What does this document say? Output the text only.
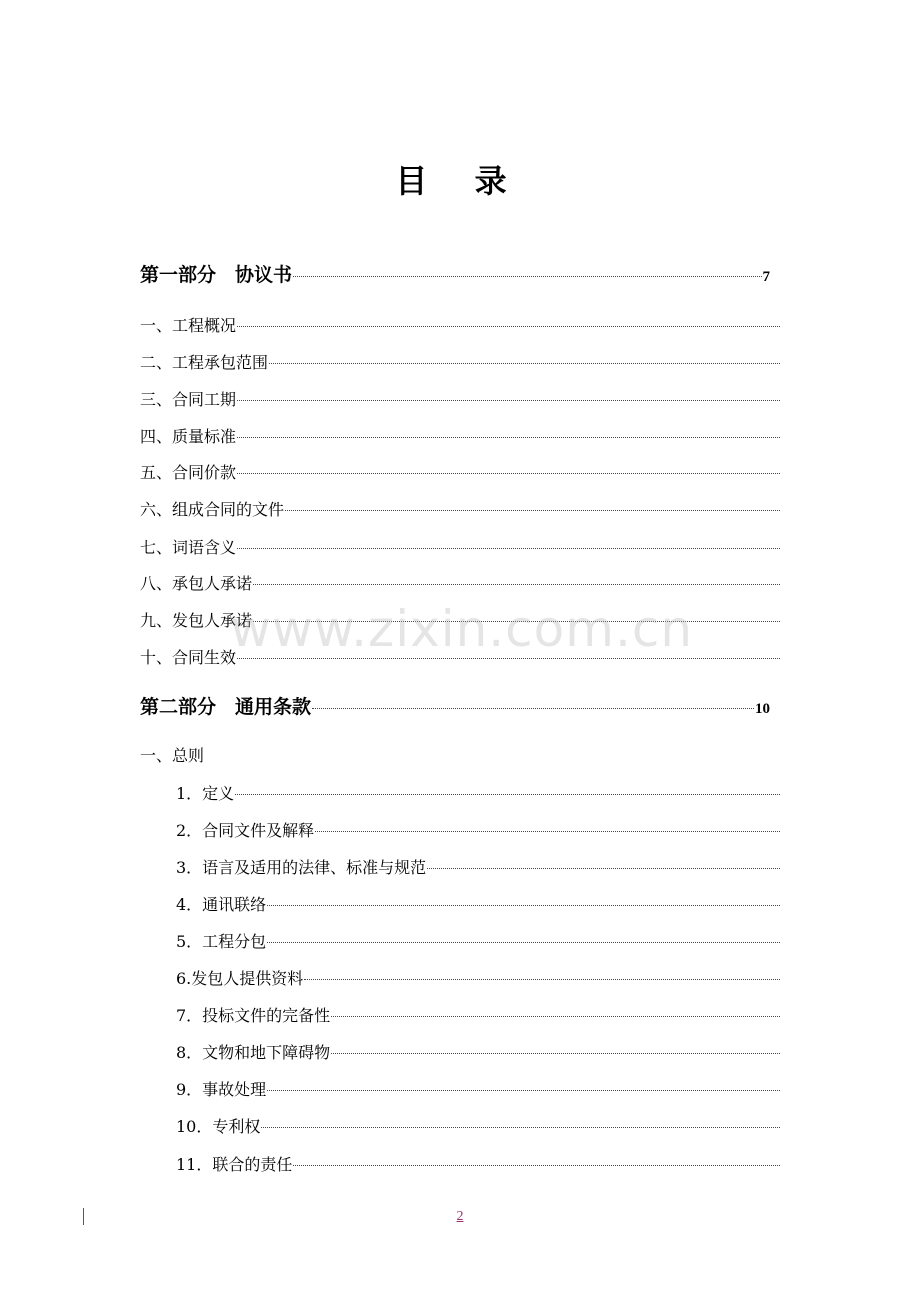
目 录
第一部分　协议书	7
一、工程概况
二、工程承包范围
三、合同工期
四、质量标准
五、合同价款
六、组成合同的文件
七、词语含义
八、承包人承诺
九、发包人承诺
十、合同生效
第二部分　通用条款	10
一、总则
1．定义
2．合同文件及解释
3．语言及适用的法律、标准与规范
4．通讯联络
5．工程分包
6.发包人提供资料
7．投标文件的完备性
8．文物和地下障碍物
9．事故处理
10．专利权
11．联合的责任
www.zixin.com.cn
2
